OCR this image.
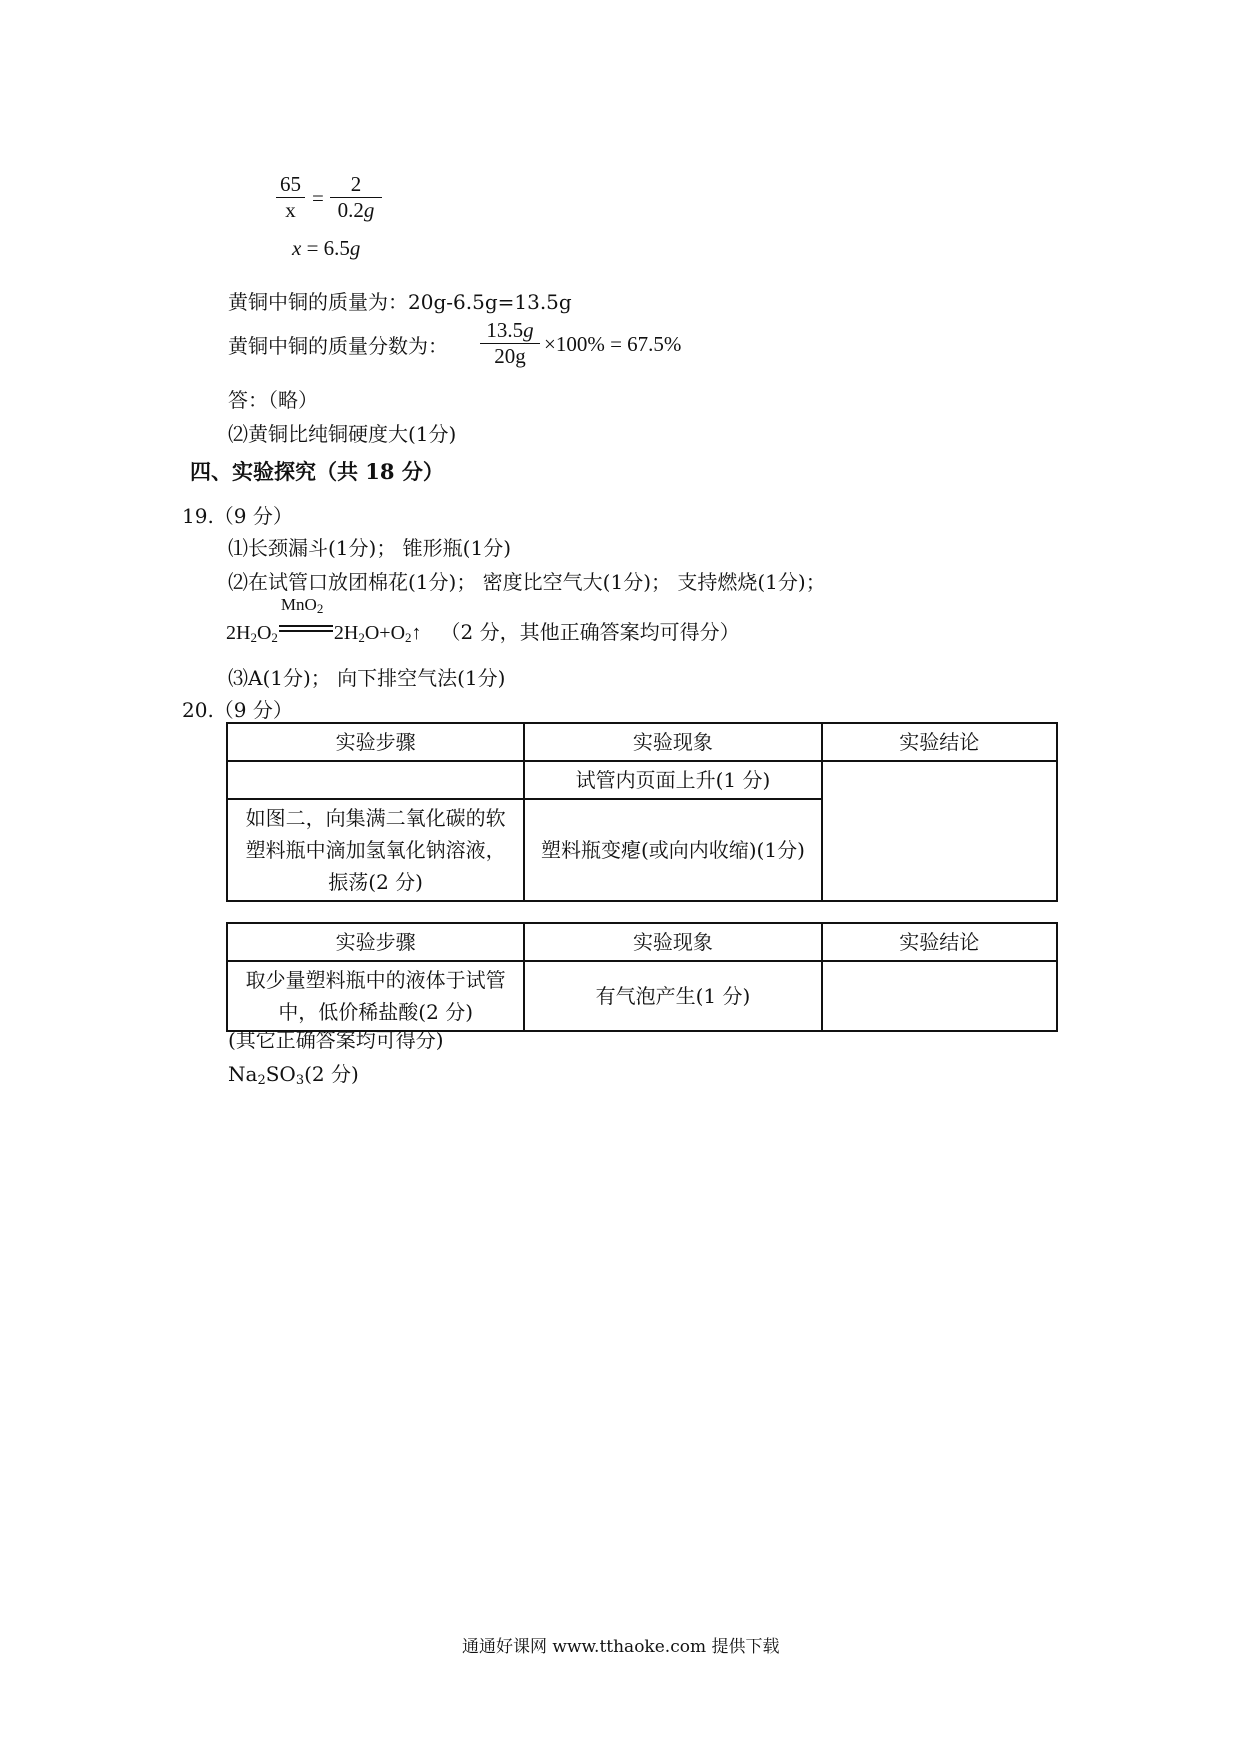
65
x =
2
0.2g
x = 6.5g
黄铜中铜的质量为：20g-6.5g=13.5g
黄铜中铜的质量分数为：
13.5g
20g ×100% = 67.5%
答：（略）
⑵黄铜比纯铜硬度大(1分)
四、实验探究（共 18 分）
19.（9 分）
⑴长颈漏斗(1分)； 锥形瓶(1分)
⑵在试管口放团棉花(1分)； 密度比空气大(1分)； 支持燃烧(1分)；
$2H_2O_2$
MnO$_2$
$2H_2O+O_2↑$ （2 分，其他正确答案均可得分）
⑶A(1分)； 向下排空气法(1分)
20.（9 分）
实验步骤	实验现象	实验结论
	试管内页面上升(1 分)	
如图二，向集满二氧化碳的软塑料瓶中滴加氢氧化钠溶液，振荡(2 分)	塑料瓶变瘪(或向内收缩)(1分)	
实验步骤	实验现象	实验结论
取少量塑料瓶中的液体于试管中，低价稀盐酸(2 分)	有气泡产生(1 分)	
(其它正确答案均可得分)
$Na_2SO_3(2$ 分)
通通好课网 www.tthaoke.com 提供下载
